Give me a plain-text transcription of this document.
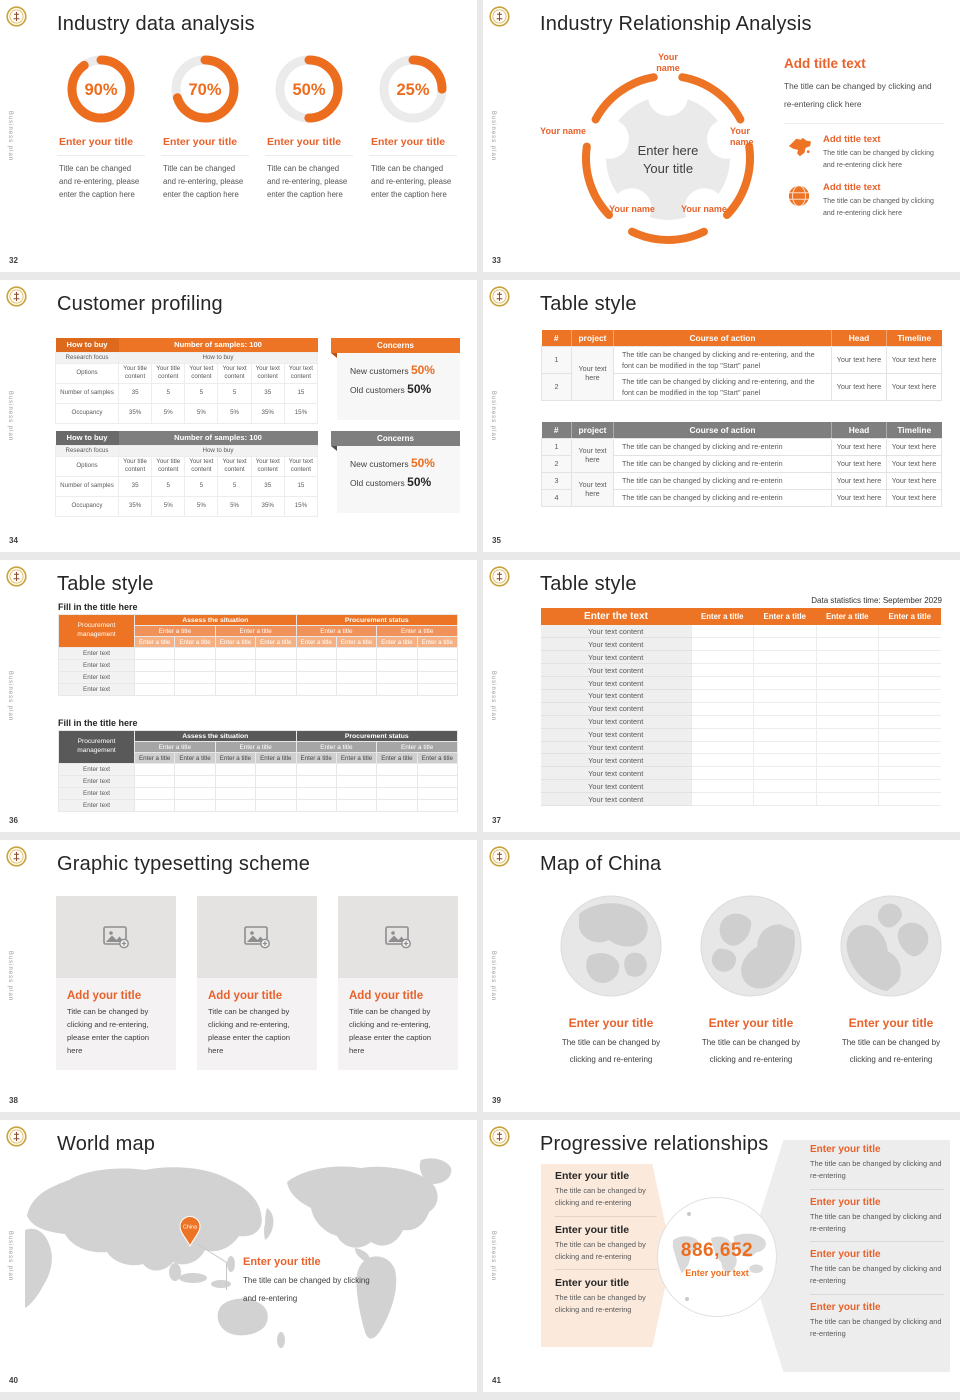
Business plan
Industry data analysis
90%
Enter your title
Title can be changed and re-entering, please enter the caption here
70%
Enter your title
Title can be changed and re-entering, please enter the caption here
50%
Enter your title
Title can be changed and re-entering, please enter the caption here
25%
Enter your title
Title can be changed and re-entering, please enter the caption here
32
Business plan
Industry Relationship Analysis
Your name
Your name	Your name
Your name	Your name
Enter here
Your title
Add title text
The title can be changed by clicking and re-entering click here
Add title text
The title can be changed by clicking and re-entering click here
Add title text
The title can be changed by clicking and re-entering click here
33
Business plan
Customer profiling
How to buy	Number of samples: 100					
Research focus	How to buy					
Options	Your title content	Your title content	Your text content	Your text content	Your text content	Your text content
Number of samples	35	5	5	5	35	15
Occupancy	35%	5%	5%	5%	35%	15%
Concerns
New customers 50%
Old customers 50%
How to buy	Number of samples: 100					
Research focus	How to buy					
Options	Your title content	Your title content	Your text content	Your text content	Your text content	Your text content
Number of samples	35	5	5	5	35	15
Occupancy	35%	5%	5%	5%	35%	15%
Concerns
New customers 50%
Old customers 50%
34
Business plan
Table style
#	project	Course of action	Head	Timeline
1	Your text here	The title can be changed by clicking and re-entering, and the font can be modified in the top "Start" panel	Your text here	Your text here
2		The title can be changed by clicking and re-entering, and the font can be modified in the top "Start" panel	Your text here	Your text here
#	project	Course of action	Head	Timeline
1	Your text here	The title can be changed by clicking and re-enterin	Your text here	Your text here
2		The title can be changed by clicking and re-enterin	Your text here	Your text here
3	Your text here	The title can be changed by clicking and re-enterin	Your text here	Your text here
4		The title can be changed by clicking and re-enterin	Your text here	Your text here
35
Business plan
Table style
Fill in the title here
Procurement management	Assess the situation				Procurement status			
	Enter a title		Enter a title		Enter a title		Enter a title	
	Enter a title	Enter a title	Enter a title	Enter a title	Enter a title	Enter a title	Enter a title	Enter a title
Enter text								
Enter text								
Enter text								
Enter text								
Fill in the title here
Procurement management	Assess the situation				Procurement status			
	Enter a title		Enter a title		Enter a title		Enter a title	
	Enter a title	Enter a title	Enter a title	Enter a title	Enter a title	Enter a title	Enter a title	Enter a title
Enter text								
Enter text								
Enter text								
Enter text								
36
Business plan
Table style
Data statistics time: September 2029
Enter the text	Enter a title	Enter a title	Enter a title	Enter a title
Your text content				
Your text content				
Your text content				
Your text content				
Your text content				
Your text content				
Your text content				
Your text content				
Your text content				
Your text content				
Your text content				
Your text content				
Your text content				
Your text content				
37
Business plan
Graphic typesetting scheme
Add your title

Title can be changed by clicking and re-entering, please enter the caption here

Add your title

Title can be changed by clicking and re-entering, please enter the caption here

Add your title

Title can be changed by clicking and re-entering, please enter the caption here

38
Business plan
Map of China
Enter your title

The title can be changed by clicking and re-entering

Enter your title

The title can be changed by clicking and re-entering

Enter your title

The title can be changed by clicking and re-entering

39
Business plan
World map
China
Enter your title
The title can be changed by clicking and re-entering
40
Business plan
Progressive relationships
886,652
Enter your text
Enter your title

The title can be changed by clicking and re-entering

Enter your title

The title can be changed by clicking and re-entering

Enter your title

The title can be changed by clicking and re-entering

Enter your title

The title can be changed by clicking and re-entering

Enter your title

The title can be changed by clicking and re-entering

Enter your title

The title can be changed by clicking and re-entering

Enter your title

The title can be changed by clicking and re-entering

41
